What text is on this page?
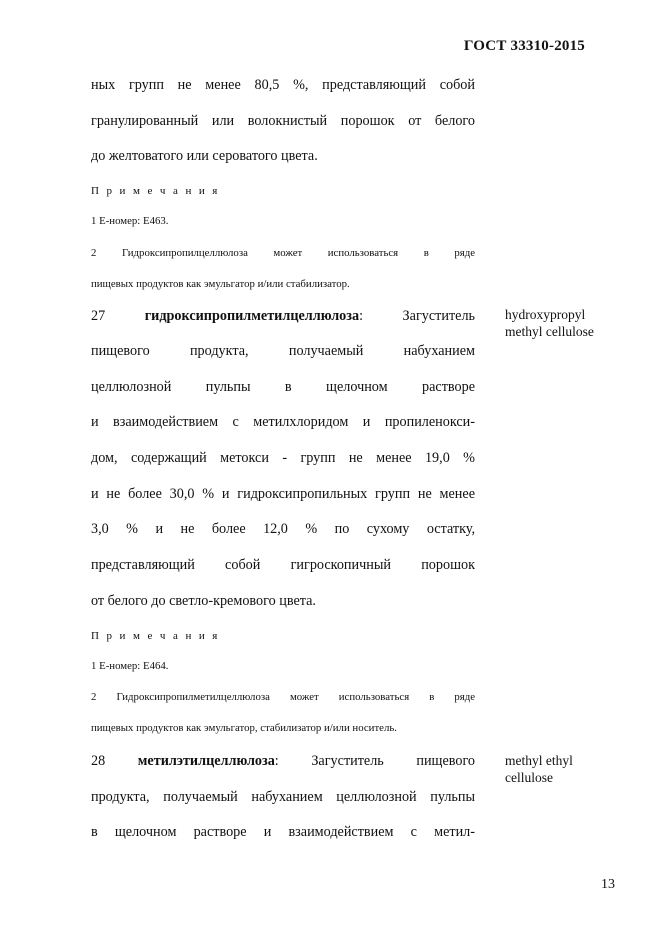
ГОСТ 33310-2015
ных групп не менее 80,5 %, представляющий собой
гранулированный или волокнистый порошок от белого
до желтоватого или сероватого цвета.
П р и м е ч а н и я
1 Е-номер: Е463.
2 Гидроксипропилцеллюлоза может использоваться в ряде
пищевых продуктов как эмульгатор и/или стабилизатор.
27	гидроксипропилметилцеллюлоза:	Загуститель
пищевого продукта, получаемый набуханием
целлюлозной пульпы в щелочном растворе
и взаимодействием с метилхлоридом и пропиленокси-
дом, содержащий метокси - групп не менее 19,0 %
и не более 30,0 % и гидроксипропильных групп не менее
3,0 % и не более 12,0 % по сухому остатку,
представляющий собой гигроскопичный порошок
от белого до светло-кремового цвета.
П р и м е ч а н и я
1 Е-номер: Е464.
2 Гидроксипропилметилцеллюлоза может использоваться в ряде
пищевых продуктов как эмульгатор, стабилизатор и/или носитель.
hydroxypropyl
methyl cellulose
28 метилэтилцеллюлоза: Загуститель пищевого
продукта, получаемый набуханием целлюлозной пульпы
в щелочном растворе и взаимодействием с метил-
methyl ethyl
cellulose
13
